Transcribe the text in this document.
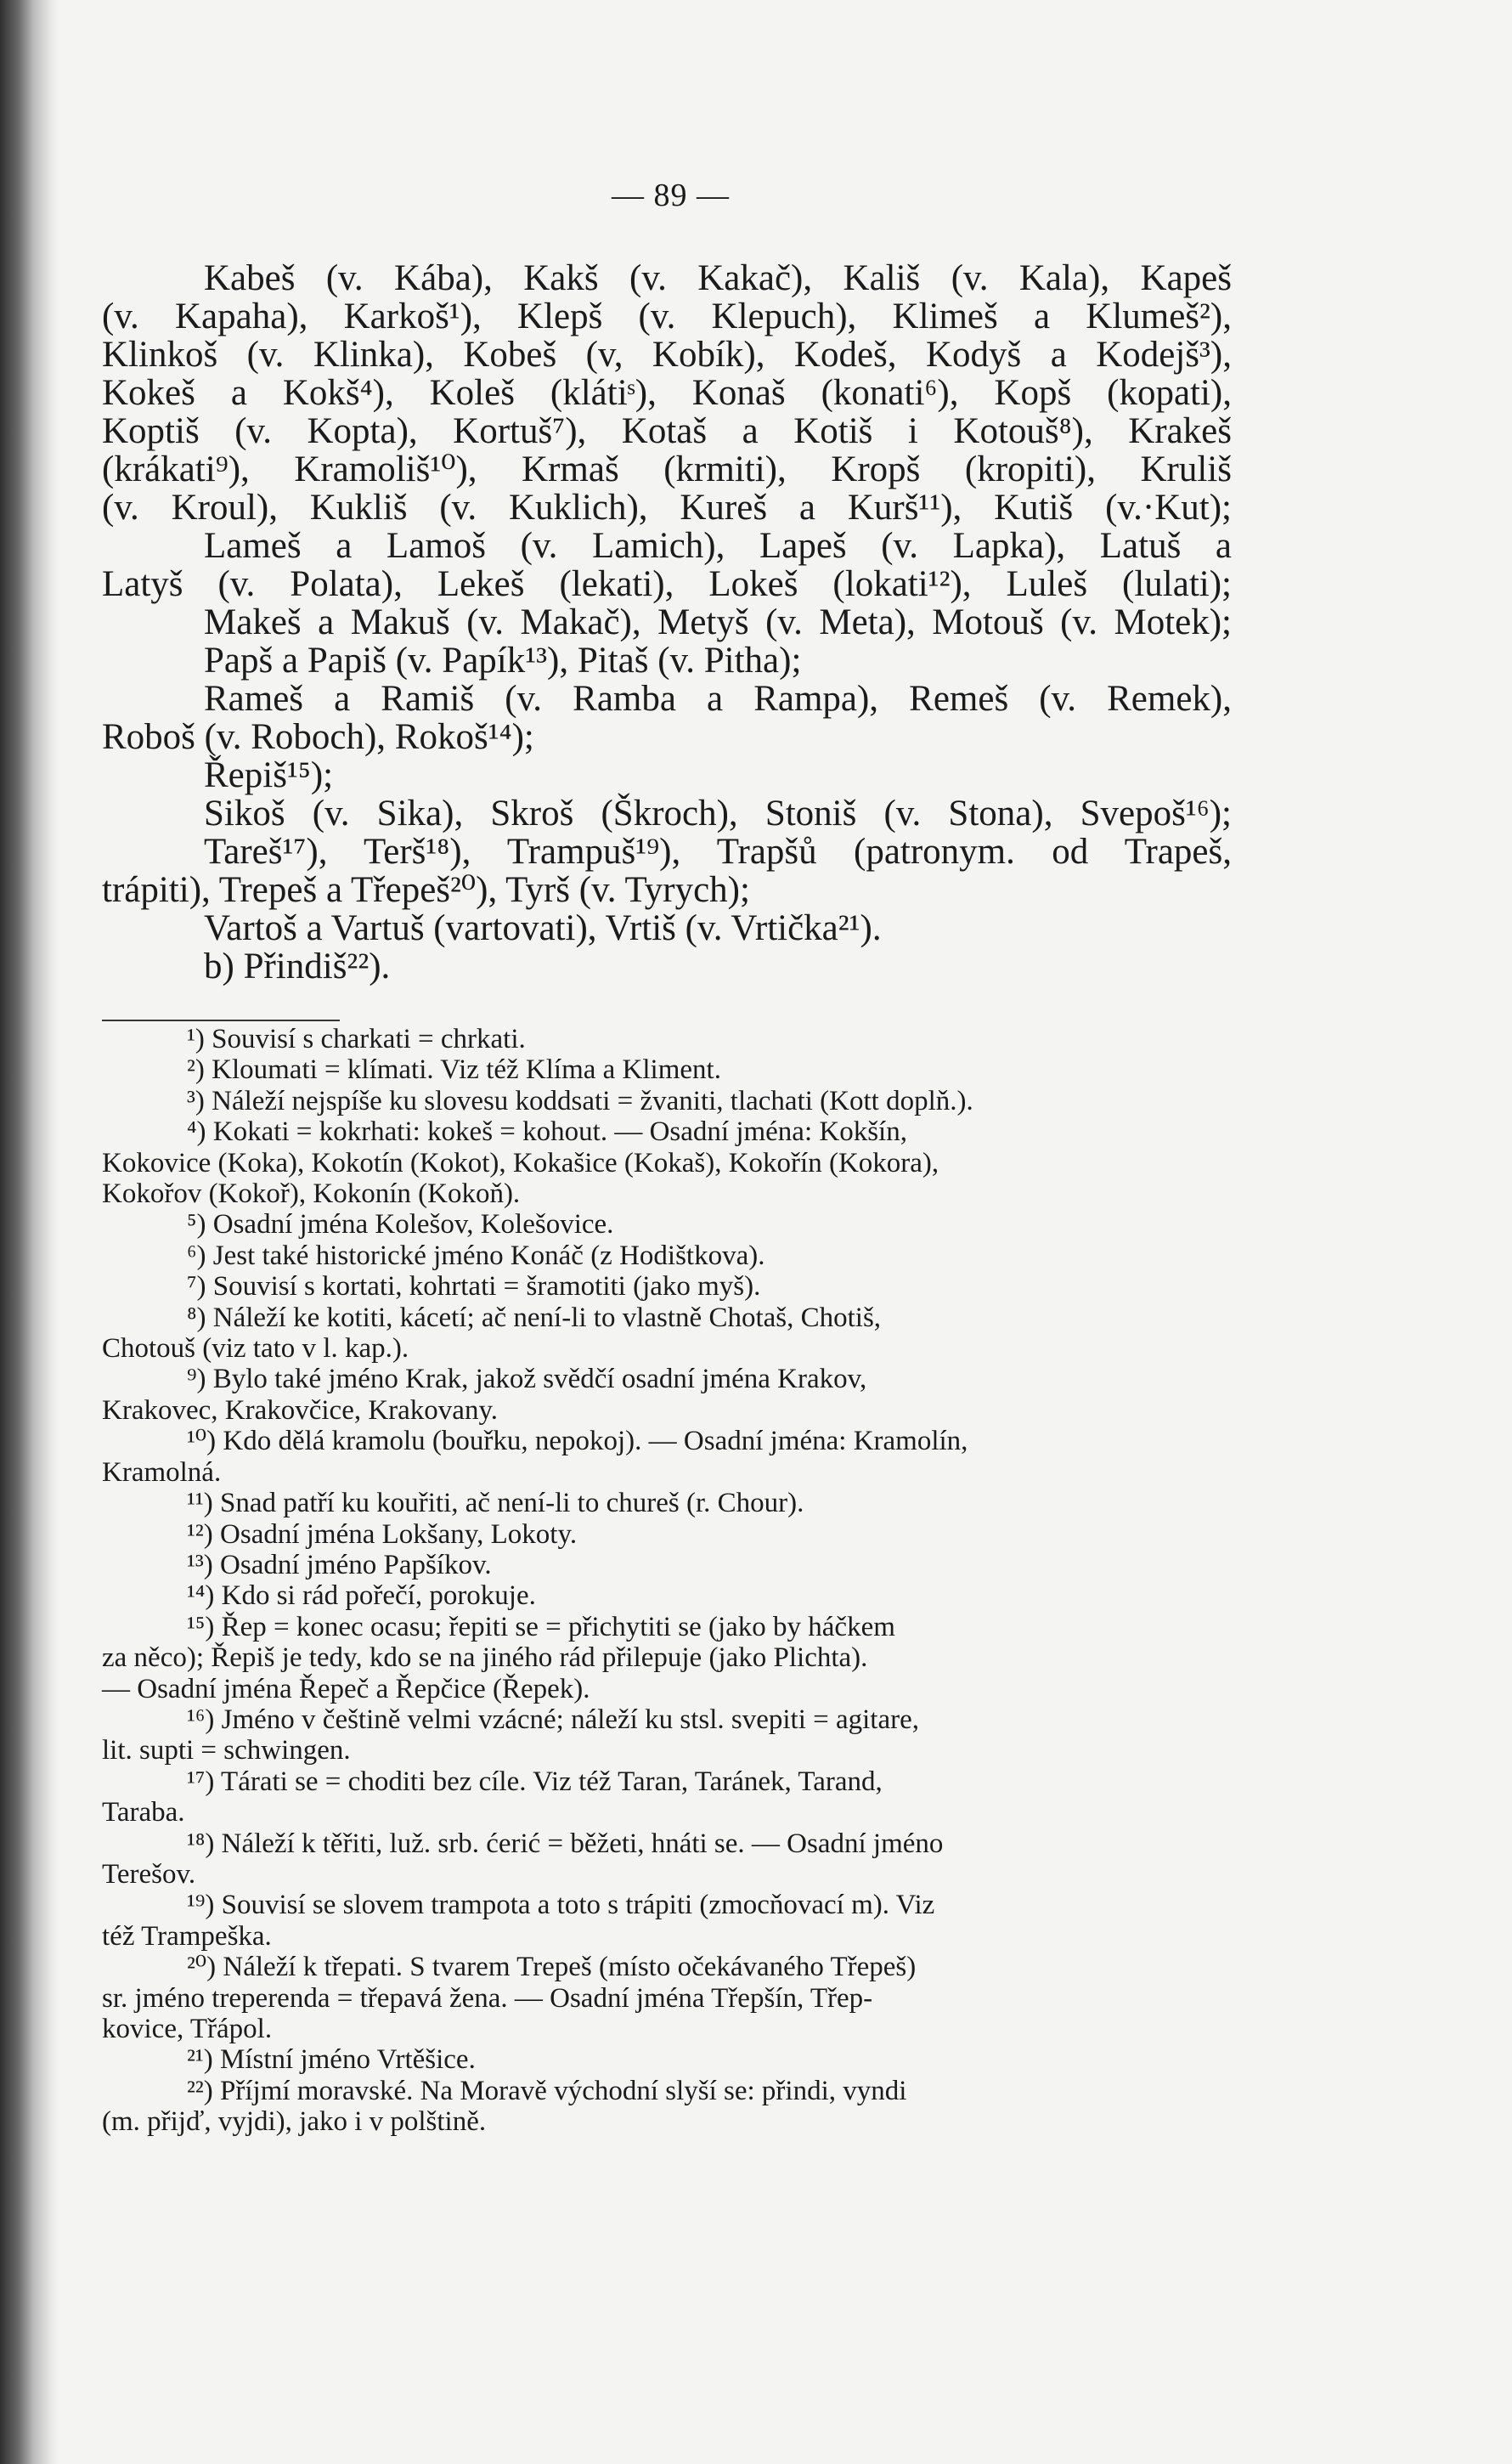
— 89 —
Kabeš (v. Kába), Kakš (v. Kakač), Kališ (v. Kala), Kapeš
(v. Kapaha), Karkoš¹), Klepš (v. Klepuch), Klimeš a Klumeš²),
Klinkoš (v. Klinka), Kobeš (v, Kobík), Kodeš, Kodyš a Kodejš³),
Kokeš a Kokš⁴), Koleš (klátiˢ), Konaš (konati⁶), Kopš (kopati),
Koptiš (v. Kopta), Kortuš⁷), Kotaš a Kotiš i Kotouš⁸), Krakeš
(krákati⁹), Kramoliš¹⁰), Krmaš (krmiti), Kropš (kropiti), Kruliš
(v. Kroul), Kukliš (v. Kuklich), Kureš a Kurš¹¹), Kutiš (v.·Kut);
Lameš a Lamoš (v. Lamich), Lapeš (v. Lapka), Latuš a
Latyš (v. Polata), Lekeš (lekati), Lokeš (lokati¹²), Luleš (lulati);
Makeš a Makuš (v. Makač), Metyš (v. Meta), Motouš (v. Motek);
Papš a Papiš (v. Papík¹³), Pitaš (v. Pitha);
Rameš a Ramiš (v. Ramba a Rampa), Remeš (v. Remek),
Roboš (v. Roboch), Rokoš¹⁴);
Řepiš¹⁵);
Sikoš (v. Sika), Skroš (Škroch), Stoniš (v. Stona), Svepoš¹⁶);
Tareš¹⁷), Terš¹⁸), Trampuš¹⁹), Trapšů (patronym. od Trapeš,
trápiti), Trepeš a Třepeš²⁰), Tyrš (v. Tyrych);
Vartoš a Vartuš (vartovati), Vrtiš (v. Vrtička²¹).
b) Přindiš²²).
¹) Souvisí s charkati = chrkati.
²) Kloumati = klímati. Viz též Klíma a Kliment.
³) Náleží nejspíše ku slovesu koddsati = žvaniti, tlachati (Kott doplň.).
⁴) Kokati = kokrhati: kokeš = kohout. — Osadní jména: Kokšín,
Kokovice (Koka), Kokotín (Kokot), Kokašice (Kokaš), Kokořín (Kokora),
Kokořov (Kokoř), Kokonín (Kokoň).
⁵) Osadní jména Kolešov, Kolešovice.
⁶) Jest také historické jméno Konáč (z Hodištkova).
⁷) Souvisí s kortati, kohrtati = šramotiti (jako myš).
⁸) Náleží ke kotiti, kácetí; ač není-li to vlastně Chotaš, Chotiš,
Chotouš (viz tato v l. kap.).
⁹) Bylo také jméno Krak, jakož svědčí osadní jména Krakov,
Krakovec, Krakovčice, Krakovany.
¹⁰) Kdo dělá kramolu (bouřku, nepokoj). — Osadní jména: Kramolín,
Kramolná.
¹¹) Snad patří ku kouřiti, ač není-li to chureš (r. Chour).
¹²) Osadní jména Lokšany, Lokoty.
¹³) Osadní jméno Papšíkov.
¹⁴) Kdo si rád pořečí, porokuje.
¹⁵) Řep = konec ocasu; řepiti se = přichytiti se (jako by háčkem
za něco); Řepiš je tedy, kdo se na jiného rád přilepuje (jako Plichta).
— Osadní jména Řepeč a Řepčice (Řepek).
¹⁶) Jméno v češtině velmi vzácné; náleží ku stsl. svepiti = agitare,
lit. supti = schwingen.
¹⁷) Tárati se = choditi bez cíle. Viz též Taran, Taránek, Tarand,
Taraba.
¹⁸) Náleží k těřiti, luž. srb. ćerić = běžeti, hnáti se. — Osadní jméno
Terešov.
¹⁹) Souvisí se slovem trampota a toto s trápiti (zmocňovací m). Viz
též Trampeška.
²⁰) Náleží k třepati. S tvarem Trepeš (místo očekávaného Třepeš)
sr. jméno treperenda = třepavá žena. — Osadní jména Třepšín, Třep-
kovice, Třápol.
²¹) Místní jméno Vrtěšice.
²²) Příjmí moravské. Na Moravě východní slyší se: přindi, vyndi
(m. přijď, vyjdi), jako i v polštině.
